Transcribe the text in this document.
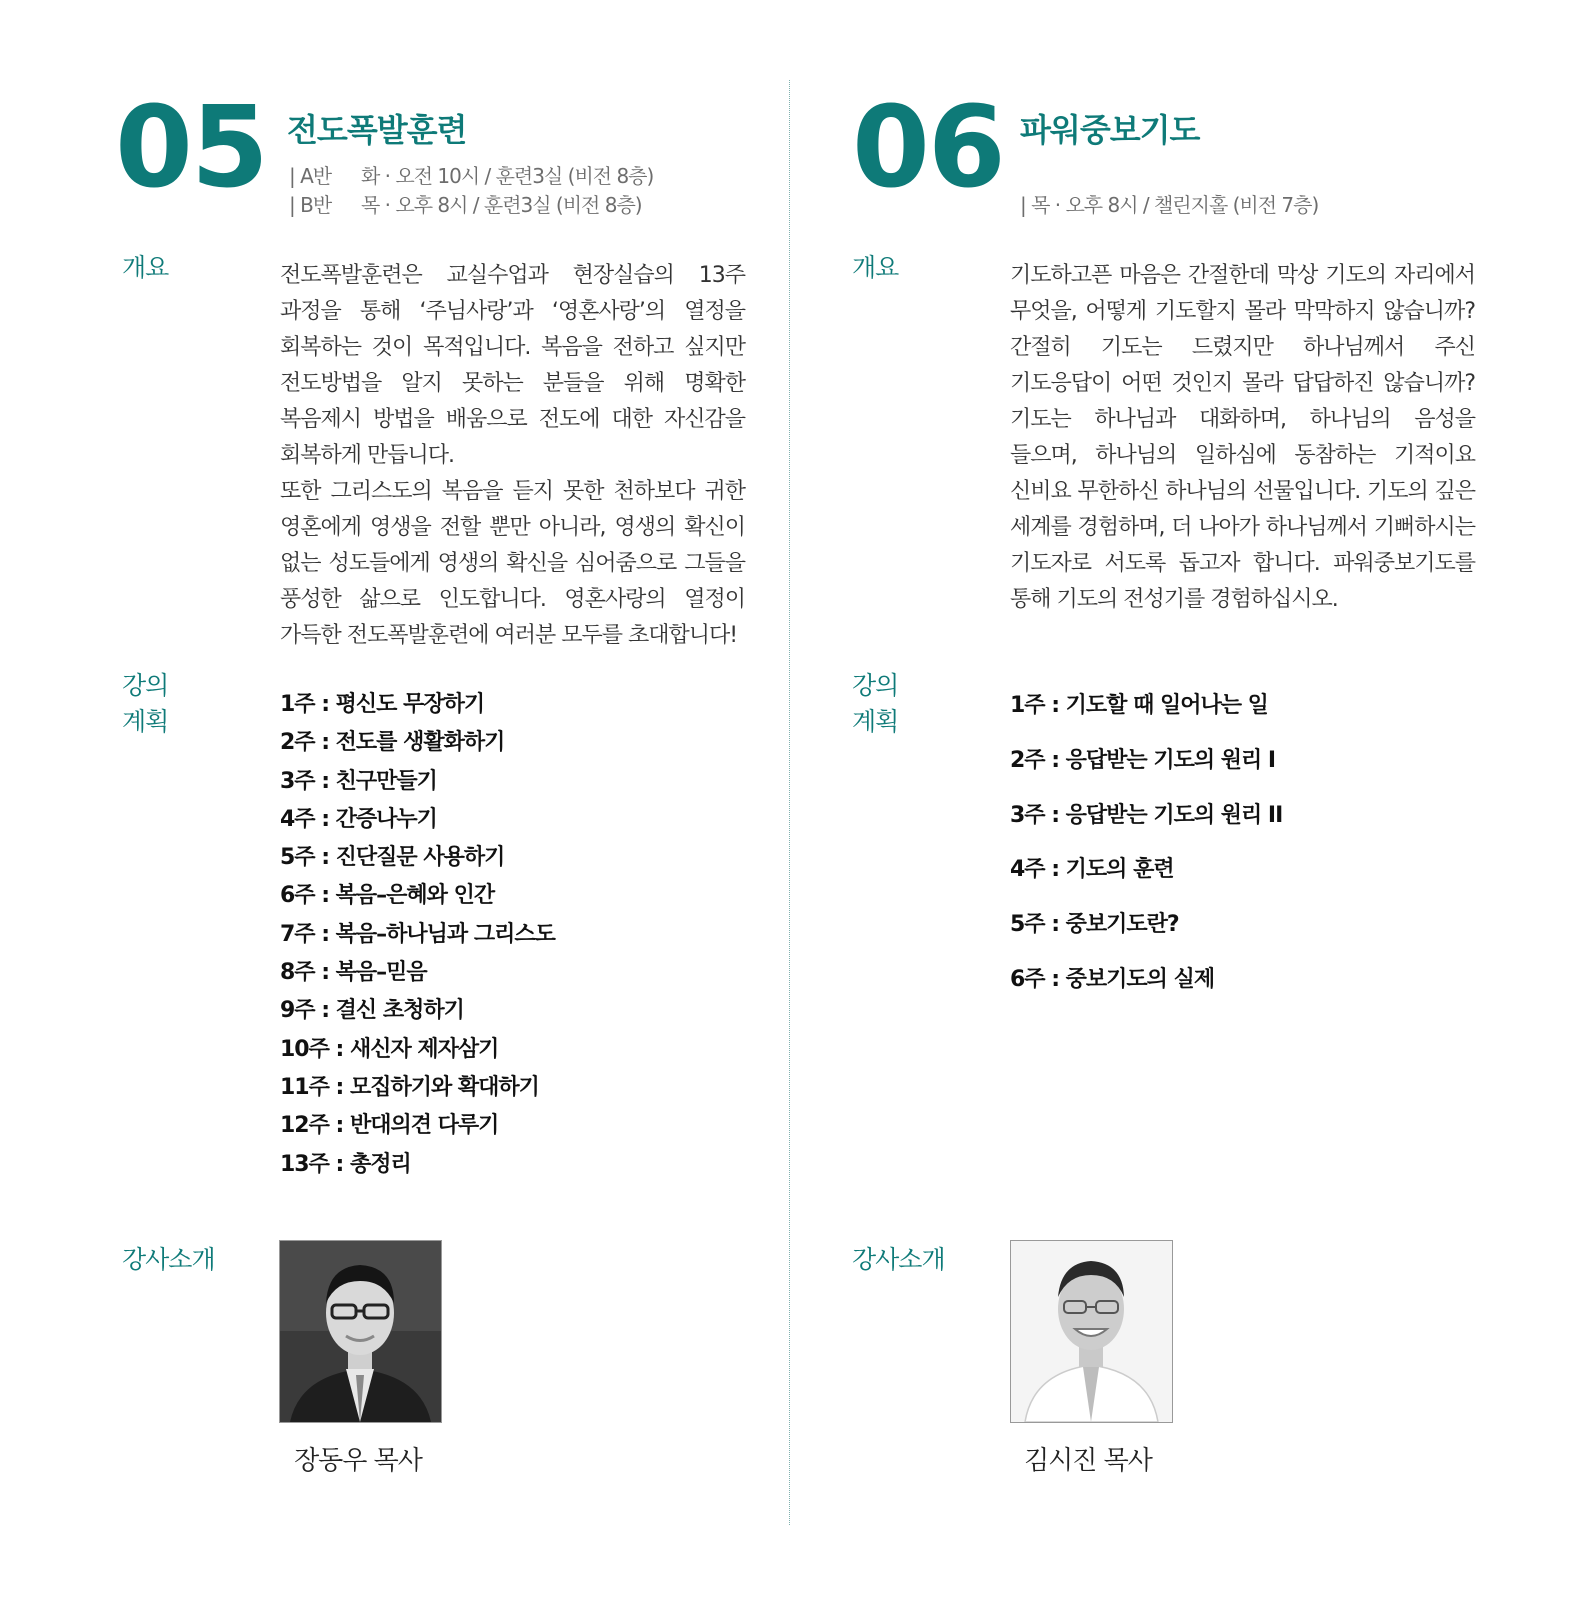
05 전도폭발훈련
| A반 화 · 오전 10시 / 훈련3실 (비전 8층)
| B반 목 · 오후 8시 / 훈련3실 (비전 8층)
개요	전도폭발훈련은 교실수업과 현장실습의 13주 과정을 통해 ‘주님사랑’과 ‘영혼사랑’의 열정을 회복하는 것이 목적입니다. 복음을 전하고 싶지만 전도방법을 알지 못하는 분들을 위해 명확한 복음제시 방법을 배움으로 전도에 대한 자신감을 회복하게 만듭니다.

또한 그리스도의 복음을 듣지 못한 천하보다 귀한 영혼에게 영생을 전할 뿐만 아니라, 영생의 확신이 없는 성도들에게 영생의 확신을 심어줌으로 그들을 풍성한 삶으로 인도합니다. 영혼사랑의 열정이 가득한 전도폭발훈련에 여러분 모두를 초대합니다!

강의
계획
1주 : 평신도 무장하기
2주 : 전도를 생활화하기
3주 : 친구만들기
4주 : 간증나누기
5주 : 진단질문 사용하기
6주 : 복음–은혜와 인간
7주 : 복음–하나님과 그리스도
8주 : 복음–믿음
9주 : 결신 초청하기
10주 : 새신자 제자삼기
11주 : 모집하기와 확대하기
12주 : 반대의견 다루기
13주 : 총정리
강사소개
장동우 목사
06 파워중보기도
| 목 · 오후 8시 / 챌린지홀 (비전 7층)
개요	기도하고픈 마음은 간절한데 막상 기도의 자리에서 무엇을, 어떻게 기도할지 몰라 막막하지 않습니까? 간절히 기도는 드렸지만 하나님께서 주신 기도응답이 어떤 것인지 몰라 답답하진 않습니까? 기도는 하나님과 대화하며, 하나님의 음성을 들으며, 하나님의 일하심에 동참하는 기적이요 신비요 무한하신 하나님의 선물입니다. 기도의 깊은 세계를 경험하며, 더 나아가 하나님께서 기뻐하시는 기도자로 서도록 돕고자 합니다. 파워중보기도를 통해 기도의 전성기를 경험하십시오.
강의
계획
1주 : 기도할 때 일어나는 일
2주 : 응답받는 기도의 원리 I
3주 : 응답받는 기도의 원리 II
4주 : 기도의 훈련
5주 : 중보기도란?
6주 : 중보기도의 실제
강사소개
김시진 목사
